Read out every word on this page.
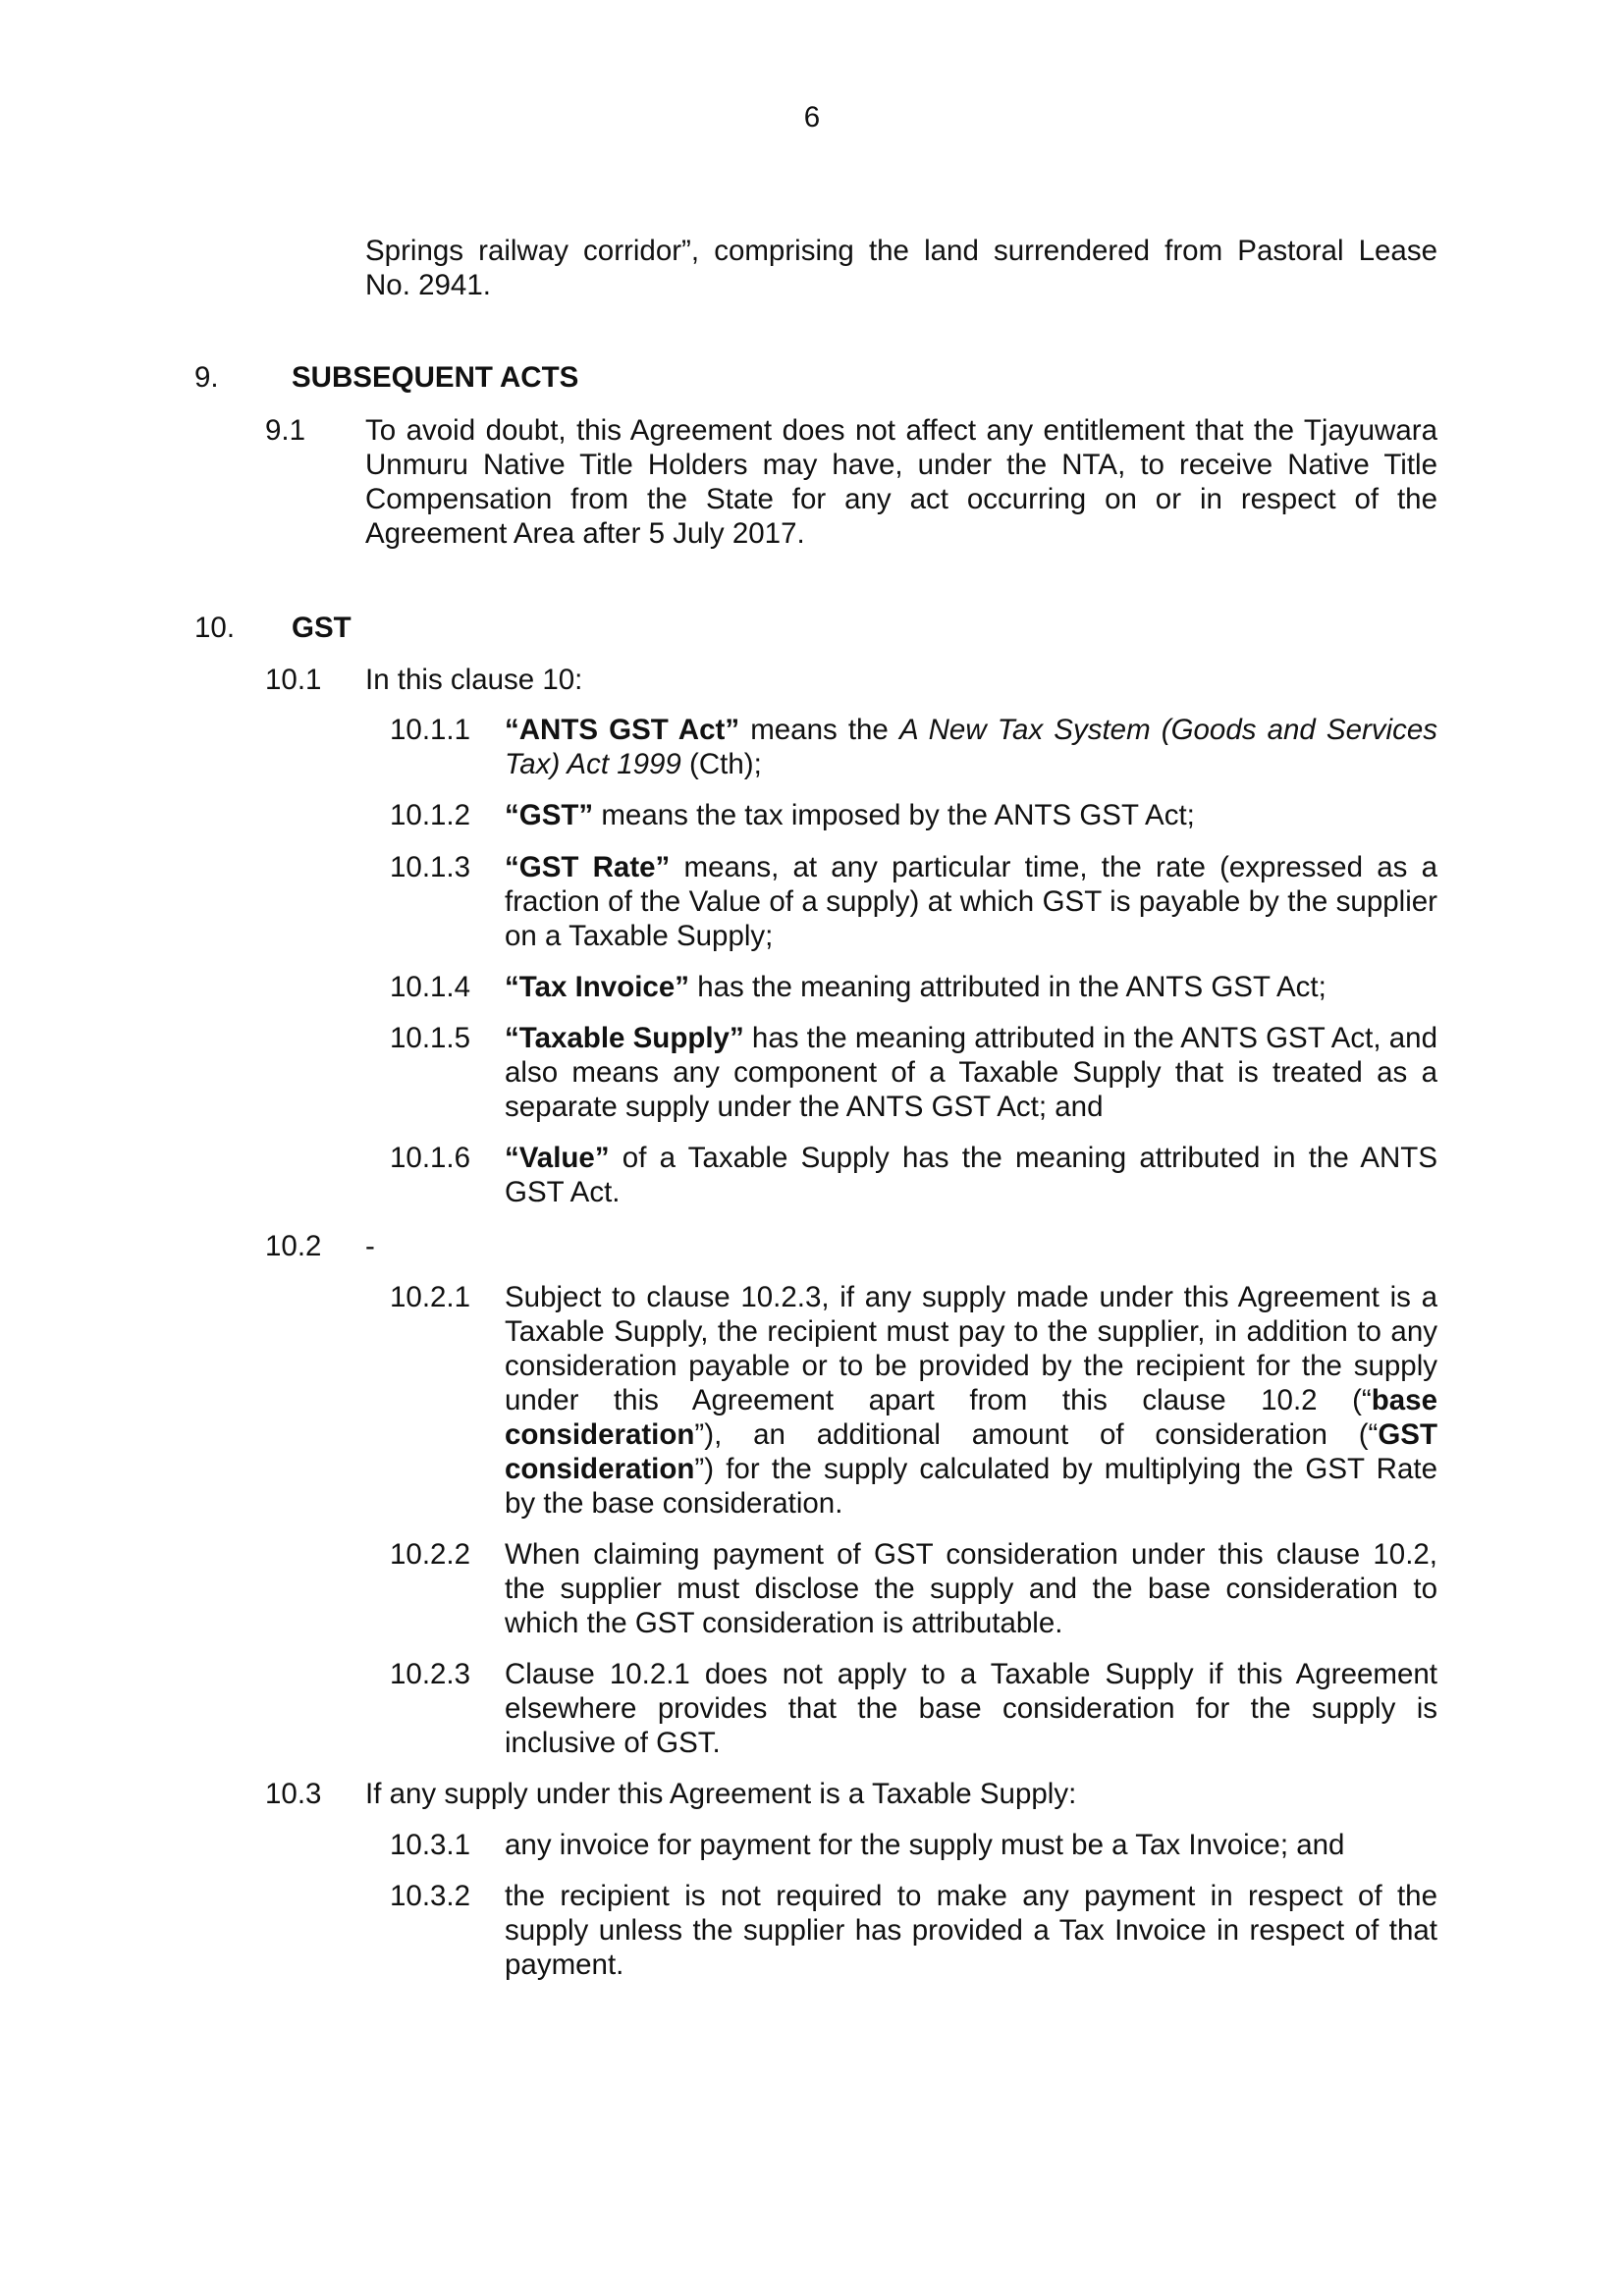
6
Springs railway corridor”, comprising the land surrendered from Pastoral Lease
No. 2941.
9.	SUBSEQUENT ACTS
9.1 To avoid doubt, this Agreement does not affect any entitlement that the Tjayuwara Unmuru Native Title Holders may have, under the NTA, to receive Native Title Compensation from the State for any act occurring on or in respect of the Agreement Area after 5 July 2017.
10. GST
10.1 In this clause 10:
10.1.1 “ANTS GST Act” means the A New Tax System (Goods and Services Tax) Act 1999 (Cth);
10.1.2 “GST” means the tax imposed by the ANTS GST Act;
10.1.3 “GST Rate” means, at any particular time, the rate (expressed as a fraction of the Value of a supply) at which GST is payable by the supplier on a Taxable Supply;
10.1.4 “Tax Invoice” has the meaning attributed in the ANTS GST Act;
10.1.5 “Taxable Supply” has the meaning attributed in the ANTS GST Act, and also means any component of a Taxable Supply that is treated as a separate supply under the ANTS GST Act; and
10.1.6 “Value” of a Taxable Supply has the meaning attributed in the ANTS GST Act.
10.2 -
10.2.1 Subject to clause 10.2.3, if any supply made under this Agreement is a Taxable Supply, the recipient must pay to the supplier, in addition to any consideration payable or to be provided by the recipient for the supply under this Agreement apart from this clause 10.2 (“base consideration”), an additional amount of consideration (“GST consideration”) for the supply calculated by multiplying the GST Rate by the base consideration.
10.2.2 When claiming payment of GST consideration under this clause 10.2, the supplier must disclose the supply and the base consideration to which the GST consideration is attributable.
10.2.3 Clause 10.2.1 does not apply to a Taxable Supply if this Agreement elsewhere provides that the base consideration for the supply is inclusive of GST.
10.3 If any supply under this Agreement is a Taxable Supply:
10.3.1 any invoice for payment for the supply must be a Tax Invoice; and
10.3.2 the recipient is not required to make any payment in respect of the supply unless the supplier has provided a Tax Invoice in respect of that payment.
